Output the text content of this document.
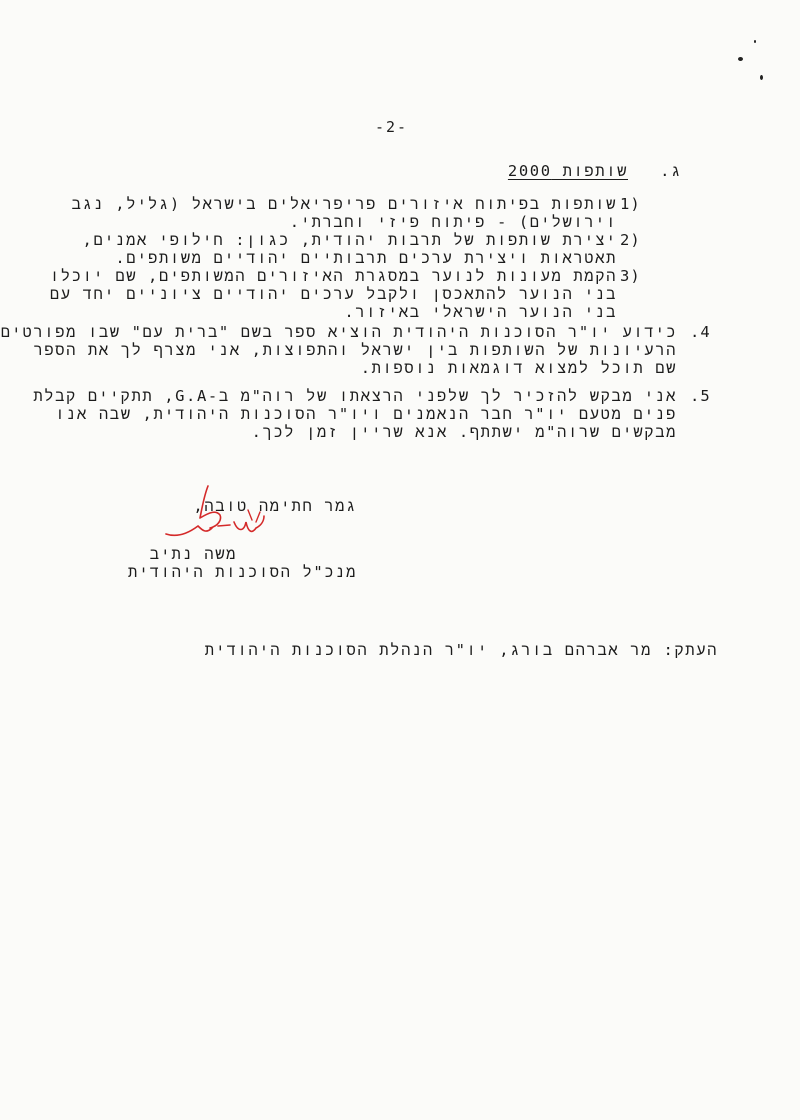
-2-
ג.
שותפות 2000
1)
שותפות בפיתוח איזורים פריפריאלים בישראל (גליל, נגב
וירושלים) - פיתוח פיזי וחברתי.
2)
יצירת שותפות של תרבות יהודית, כגון: חילופי אמנים,
תאטראות ויצירת ערכים תרבותיים יהודיים משותפים.
3)
הקמת מעונות לנוער במסגרת האיזורים המשותפים, שם יוכלו
בני הנוער להתאכסן ולקבל ערכים יהודיים ציוניים יחד עם
בני הנוער הישראלי באיזור.
.4
כידוע יו"ר הסוכנות היהודית הוציא ספר בשם "ברית עם" שבו מפורטים
הרעיונות של השותפות בין ישראל והתפוצות, אני מצרף לך את הספר
שם תוכל למצוא דוגמאות נוספות.
.5
אני מבקש להזכיר לך שלפני הרצאתו של רוה"מ ב-G.A, תתקיים קבלת
פנים מטעם יו"ר חבר הנאמנים ויו"ר הסוכנות היהודית, שבה אנו
מבקשים שרוה"מ ישתתף. אנא שריין זמן לכך.
גמר חתימה טובה,
משה נתיב
מנכ"ל הסוכנות היהודית
העתק:
מר אברהם בורג, יו"ר הנהלת הסוכנות היהודית
